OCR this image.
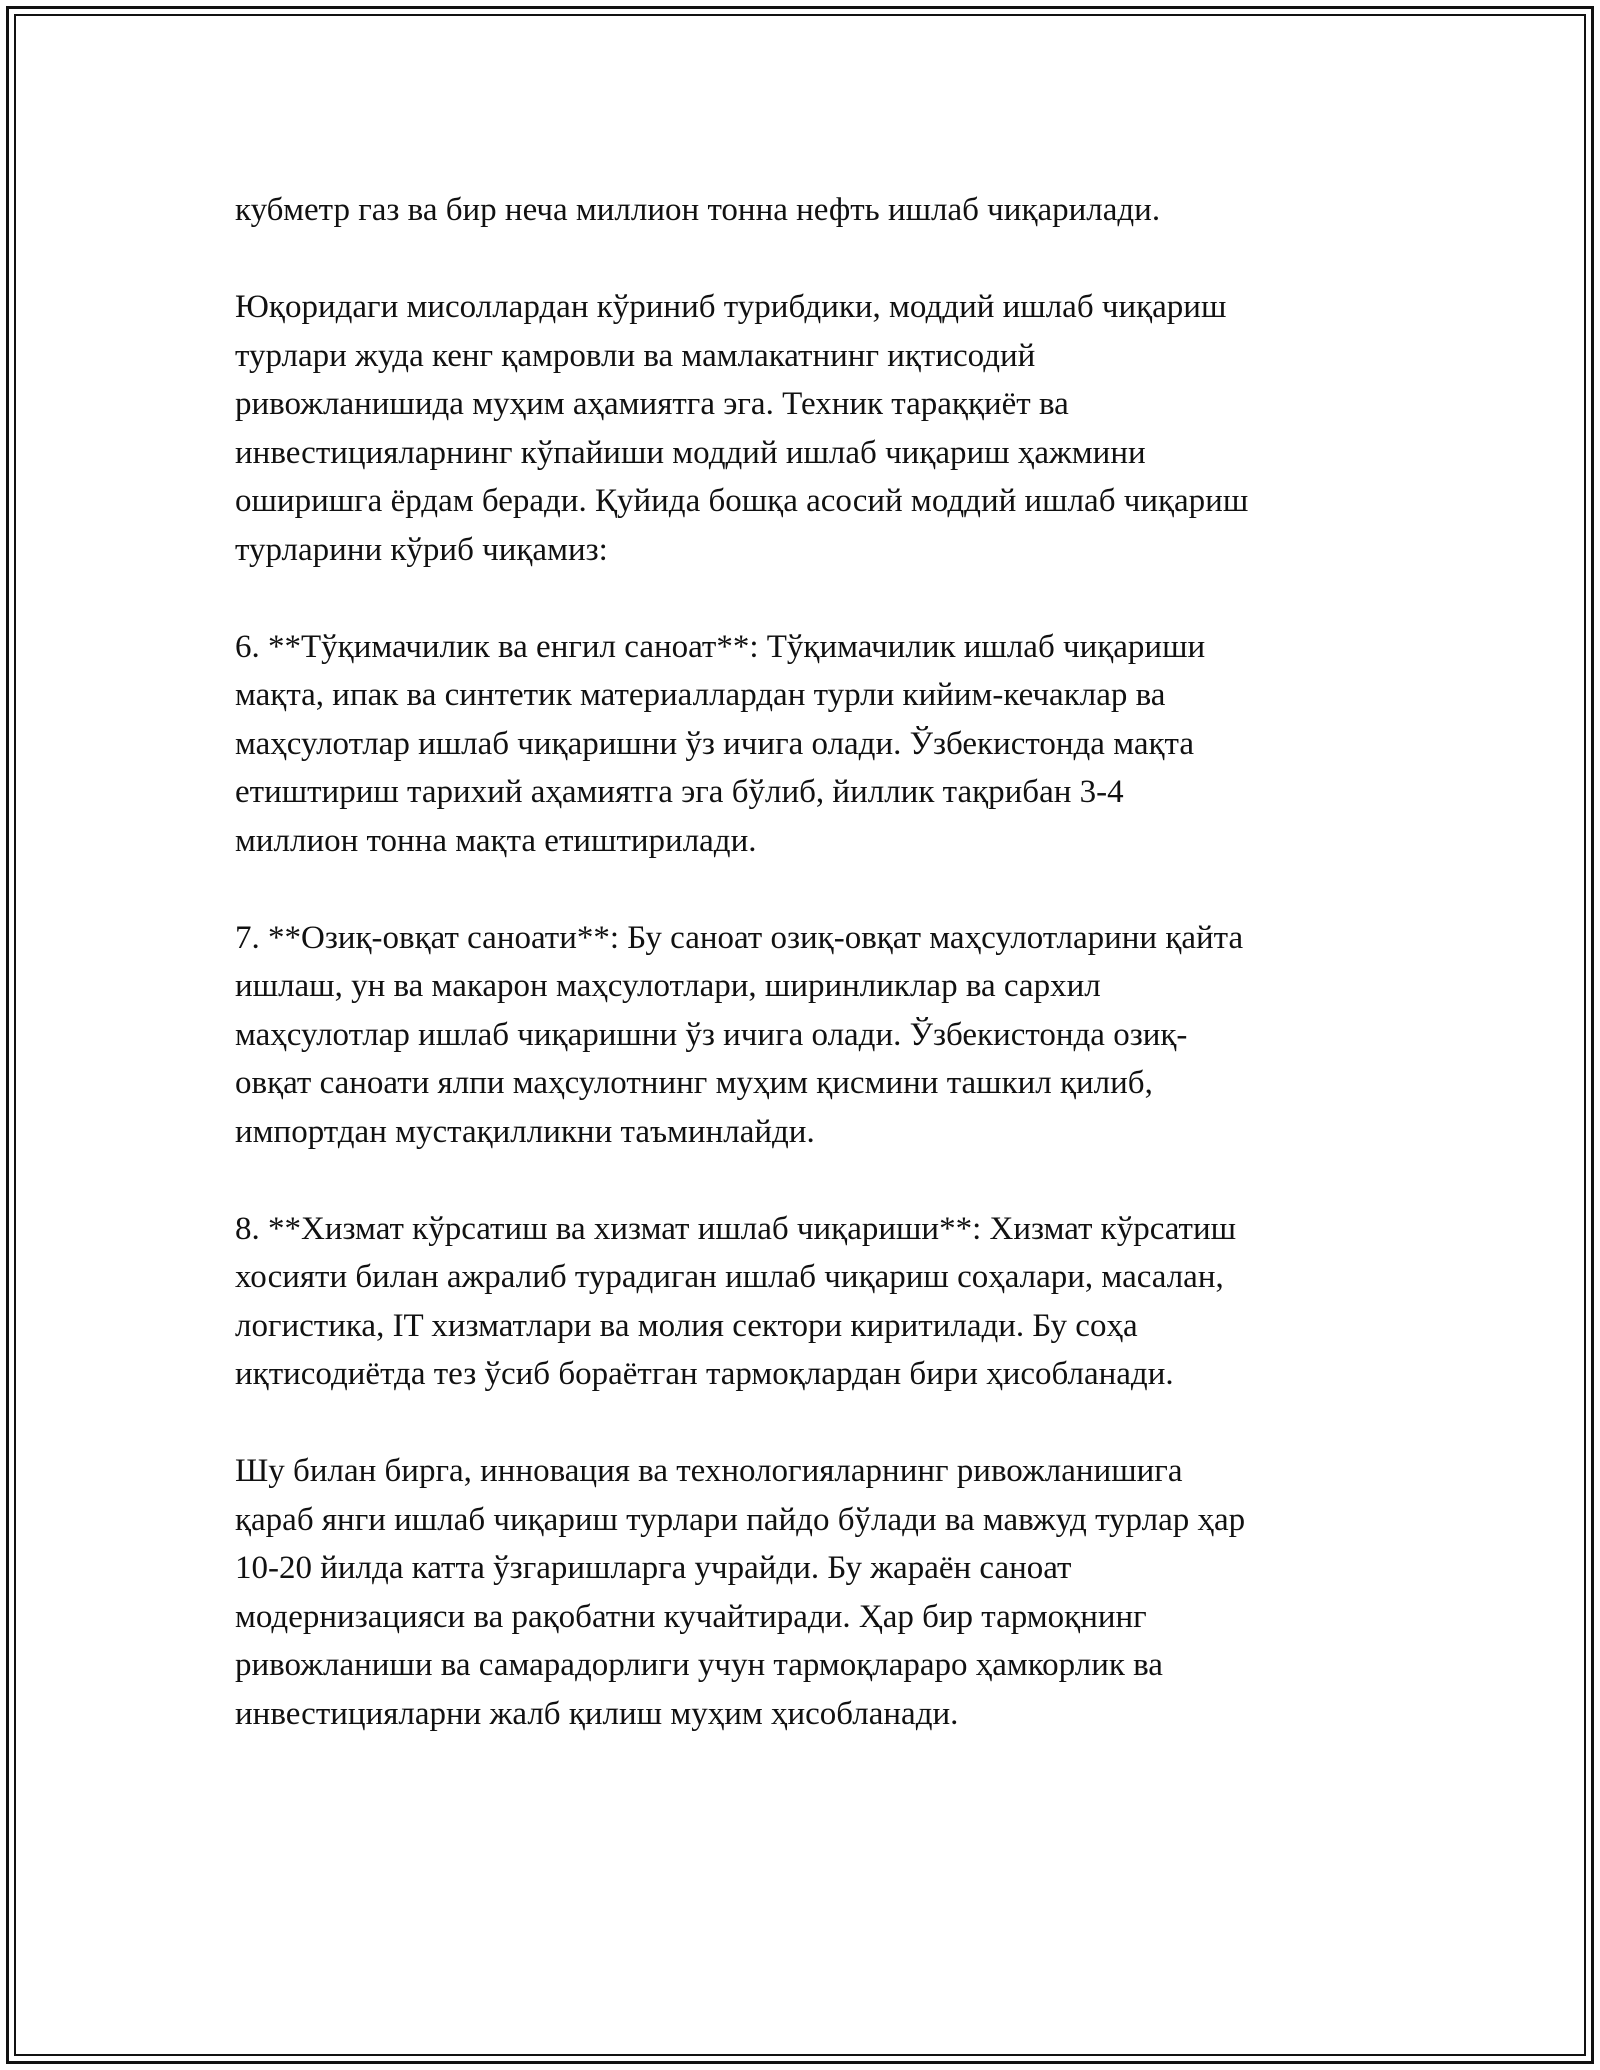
кубметр газ ва бир неча миллион тонна нефть ишлаб чиқарилади.

Юқоридаги мисоллардан кўриниб турибдики, моддий ишлаб чиқариш
турлари жуда кенг қамровли ва мамлакатнинг иқтисодий
ривожланишида муҳим аҳамиятга эга. Техник тараққиёт ва
инвестицияларнинг кўпайиши моддий ишлаб чиқариш ҳажмини
оширишга ёрдам беради. Қуйида бошқа асосий моддий ишлаб чиқариш
турларини кўриб чиқамиз:

6. **Тўқимачилик ва енгил саноат**: Тўқимачилик ишлаб чиқариши
мақта, ипак ва синтетик материаллардан турли кийим-кечаклар ва
маҳсулотлар ишлаб чиқаришни ўз ичига олади. Ўзбекистонда мақта
етиштириш тарихий аҳамиятга эга бўлиб, йиллик тақрибан 3-4
миллион тонна мақта етиштирилади.

7. **Озиқ-овқат саноати**: Бу саноат озиқ-овқат маҳсулотларини қайта
ишлаш, ун ва макарон маҳсулотлари, ширинликлар ва сархил
маҳсулотлар ишлаб чиқаришни ўз ичига олади. Ўзбекистонда озиқ-
овқат саноати ялпи маҳсулотнинг муҳим қисмини ташкил қилиб,
импортдан мустақилликни таъминлайди.

8. **Хизмат кўрсатиш ва хизмат ишлаб чиқариши**: Хизмат кўрсатиш
хосияти билан ажралиб турадиган ишлаб чиқариш соҳалари, масалан,
логистика, IT хизматлари ва молия сектори киритилади. Бу соҳа
иқтисодиётда тез ўсиб бораётган тармоқлардан бири ҳисобланади.

Шу билан бирга, инновация ва технологияларнинг ривожланишига
қараб янги ишлаб чиқариш турлари пайдо бўлади ва мавжуд турлар ҳар
10-20 йилда катта ўзгаришларга учрайди. Бу жараён саноат
модернизацияси ва рақобатни кучайтиради. Ҳар бир тармоқнинг
ривожланиши ва самарадорлиги учун тармоқлараро ҳамкорлик ва
инвестицияларни жалб қилиш муҳим ҳисобланади.
